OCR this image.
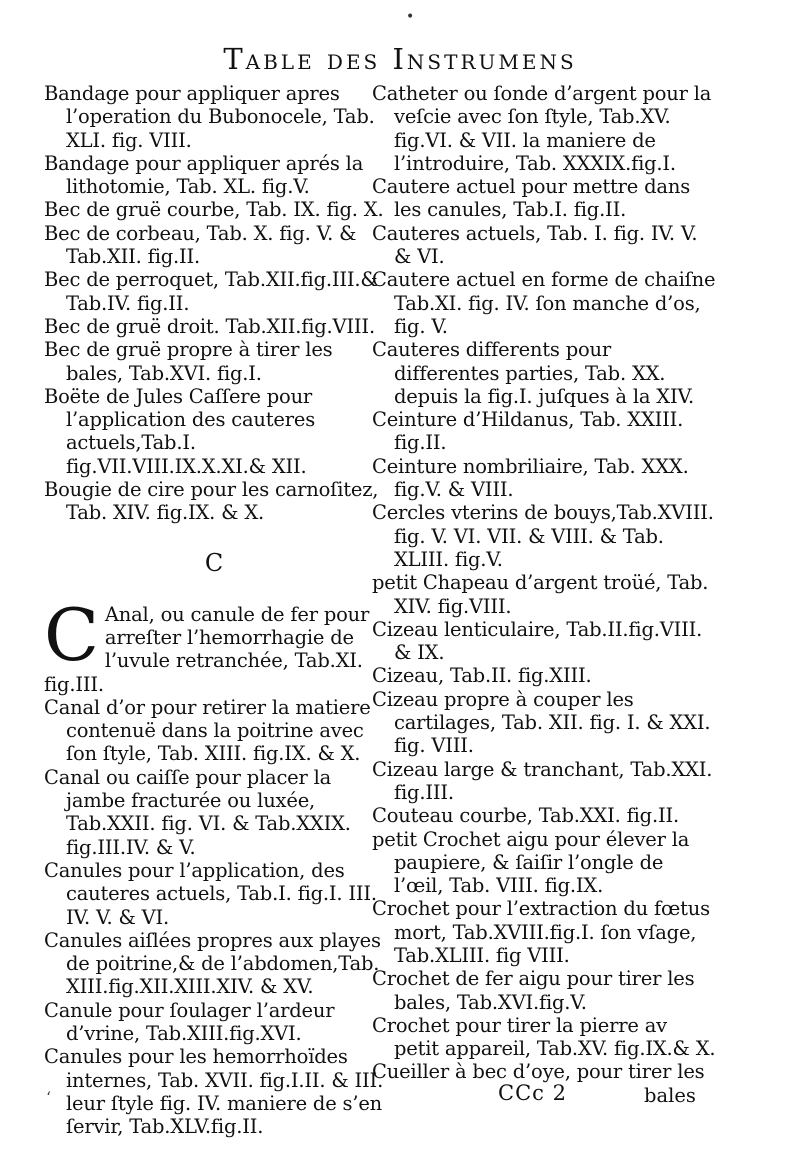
•
Table des Instrumens

Bandage pour appliquer apres l’operation du Bubonocele, Tab. XLI. fig. VIII.

Bandage pour appliquer aprés la lithotomie, Tab. XL. fig.V.

Bec de gruë courbe, Tab. IX. fig. X.

Bec de corbeau, Tab. X. fig. V. & Tab.XII. fig.II.

Bec de perroquet, Tab.XII.fig.III.& Tab.IV. fig.II.

Bec de gruë droit. Tab.XII.fig.VIII.

Bec de gruë propre à tirer les bales, Tab.XVI. fig.I.

Boëte de Jules Caſſere pour l’application des cauteres actuels,Tab.I. fig.VII.VIII.IX.X.XI.& XII.

Bougie de cire pour les carnoſitez, Tab. XIV. fig.IX. & X.

C

C Anal, ou canule de fer pour arreſter l’hemorrhagie de l’uvule retranchée, Tab.XI. fig.III.

Canal d’or pour retirer la matiere contenuë dans la poitrine avec ſon ſtyle, Tab. XIII. fig.IX. & X.

Canal ou caiſſe pour placer la jambe fracturée ou luxée, Tab.XXII. fig. VI. & Tab.XXIX. fig.III.IV. & V.

Canules pour l’application, des cauteres actuels, Tab.I. fig.I. III. IV. V. & VI.

Canules aiſlées propres aux playes de poitrine,& de l’abdomen,Tab. XIII.fig.XII.XIII.XIV. & XV.

Canule pour ſoulager l’ardeur d’vrine, Tab.XIII.fig.XVI.

Canules pour les hemorrhoïdes internes, Tab. XVII. fig.I.II. & III. leur ſtyle fig. IV. maniere de s’en ſervir, Tab.XLV.fig.II.

Catheter ou ſonde d’argent pour la veſcie avec ſon ſtyle, Tab.XV. fig.VI. & VII. la maniere de l’introduire, Tab. XXXIX.fig.I.

Cautere actuel pour mettre dans les canules, Tab.I. fig.II.

Cauteres actuels, Tab. I. fig. IV. V. & VI.

Cautere actuel en forme de chaiſne Tab.XI. fig. IV. ſon manche d’os, fig. V.

Cauteres differents pour differentes parties, Tab. XX. depuis la fig.I. juſques à la XIV.

Ceinture d’Hildanus, Tab. XXIII. fig.II.

Ceinture nombriliaire, Tab. XXX. fig.V. & VIII.

Cercles vterins de bouys,Tab.XVIII. fig. V. VI. VII. & VIII. & Tab. XLIII. fig.V.

petit Chapeau d’argent troüé, Tab. XIV. fig.VIII.

Cizeau lenticulaire, Tab.II.fig.VIII. & IX.

Cizeau, Tab.II. fig.XIII.

Cizeau propre à couper les cartilages, Tab. XII. fig. I. & XXI. fig. VIII.

Cizeau large & tranchant, Tab.XXI. fig.III.

Couteau courbe, Tab.XXI. fig.II.

petit Crochet aigu pour élever la paupiere, & ſaiſir l’ongle de l’œil, Tab. VIII. fig.IX.

Crochet pour l’extraction du fœtus mort, Tab.XVIII.fig.I. ſon vſage, Tab.XLIII. fig VIII.

Crochet de fer aigu pour tirer les bales, Tab.XVI.fig.V.

Crochet pour tirer la pierre av petit appareil, Tab.XV. fig.IX.& X.

Cueiller à bec d’oye, pour tirer les

‘	CCc 2	bales
